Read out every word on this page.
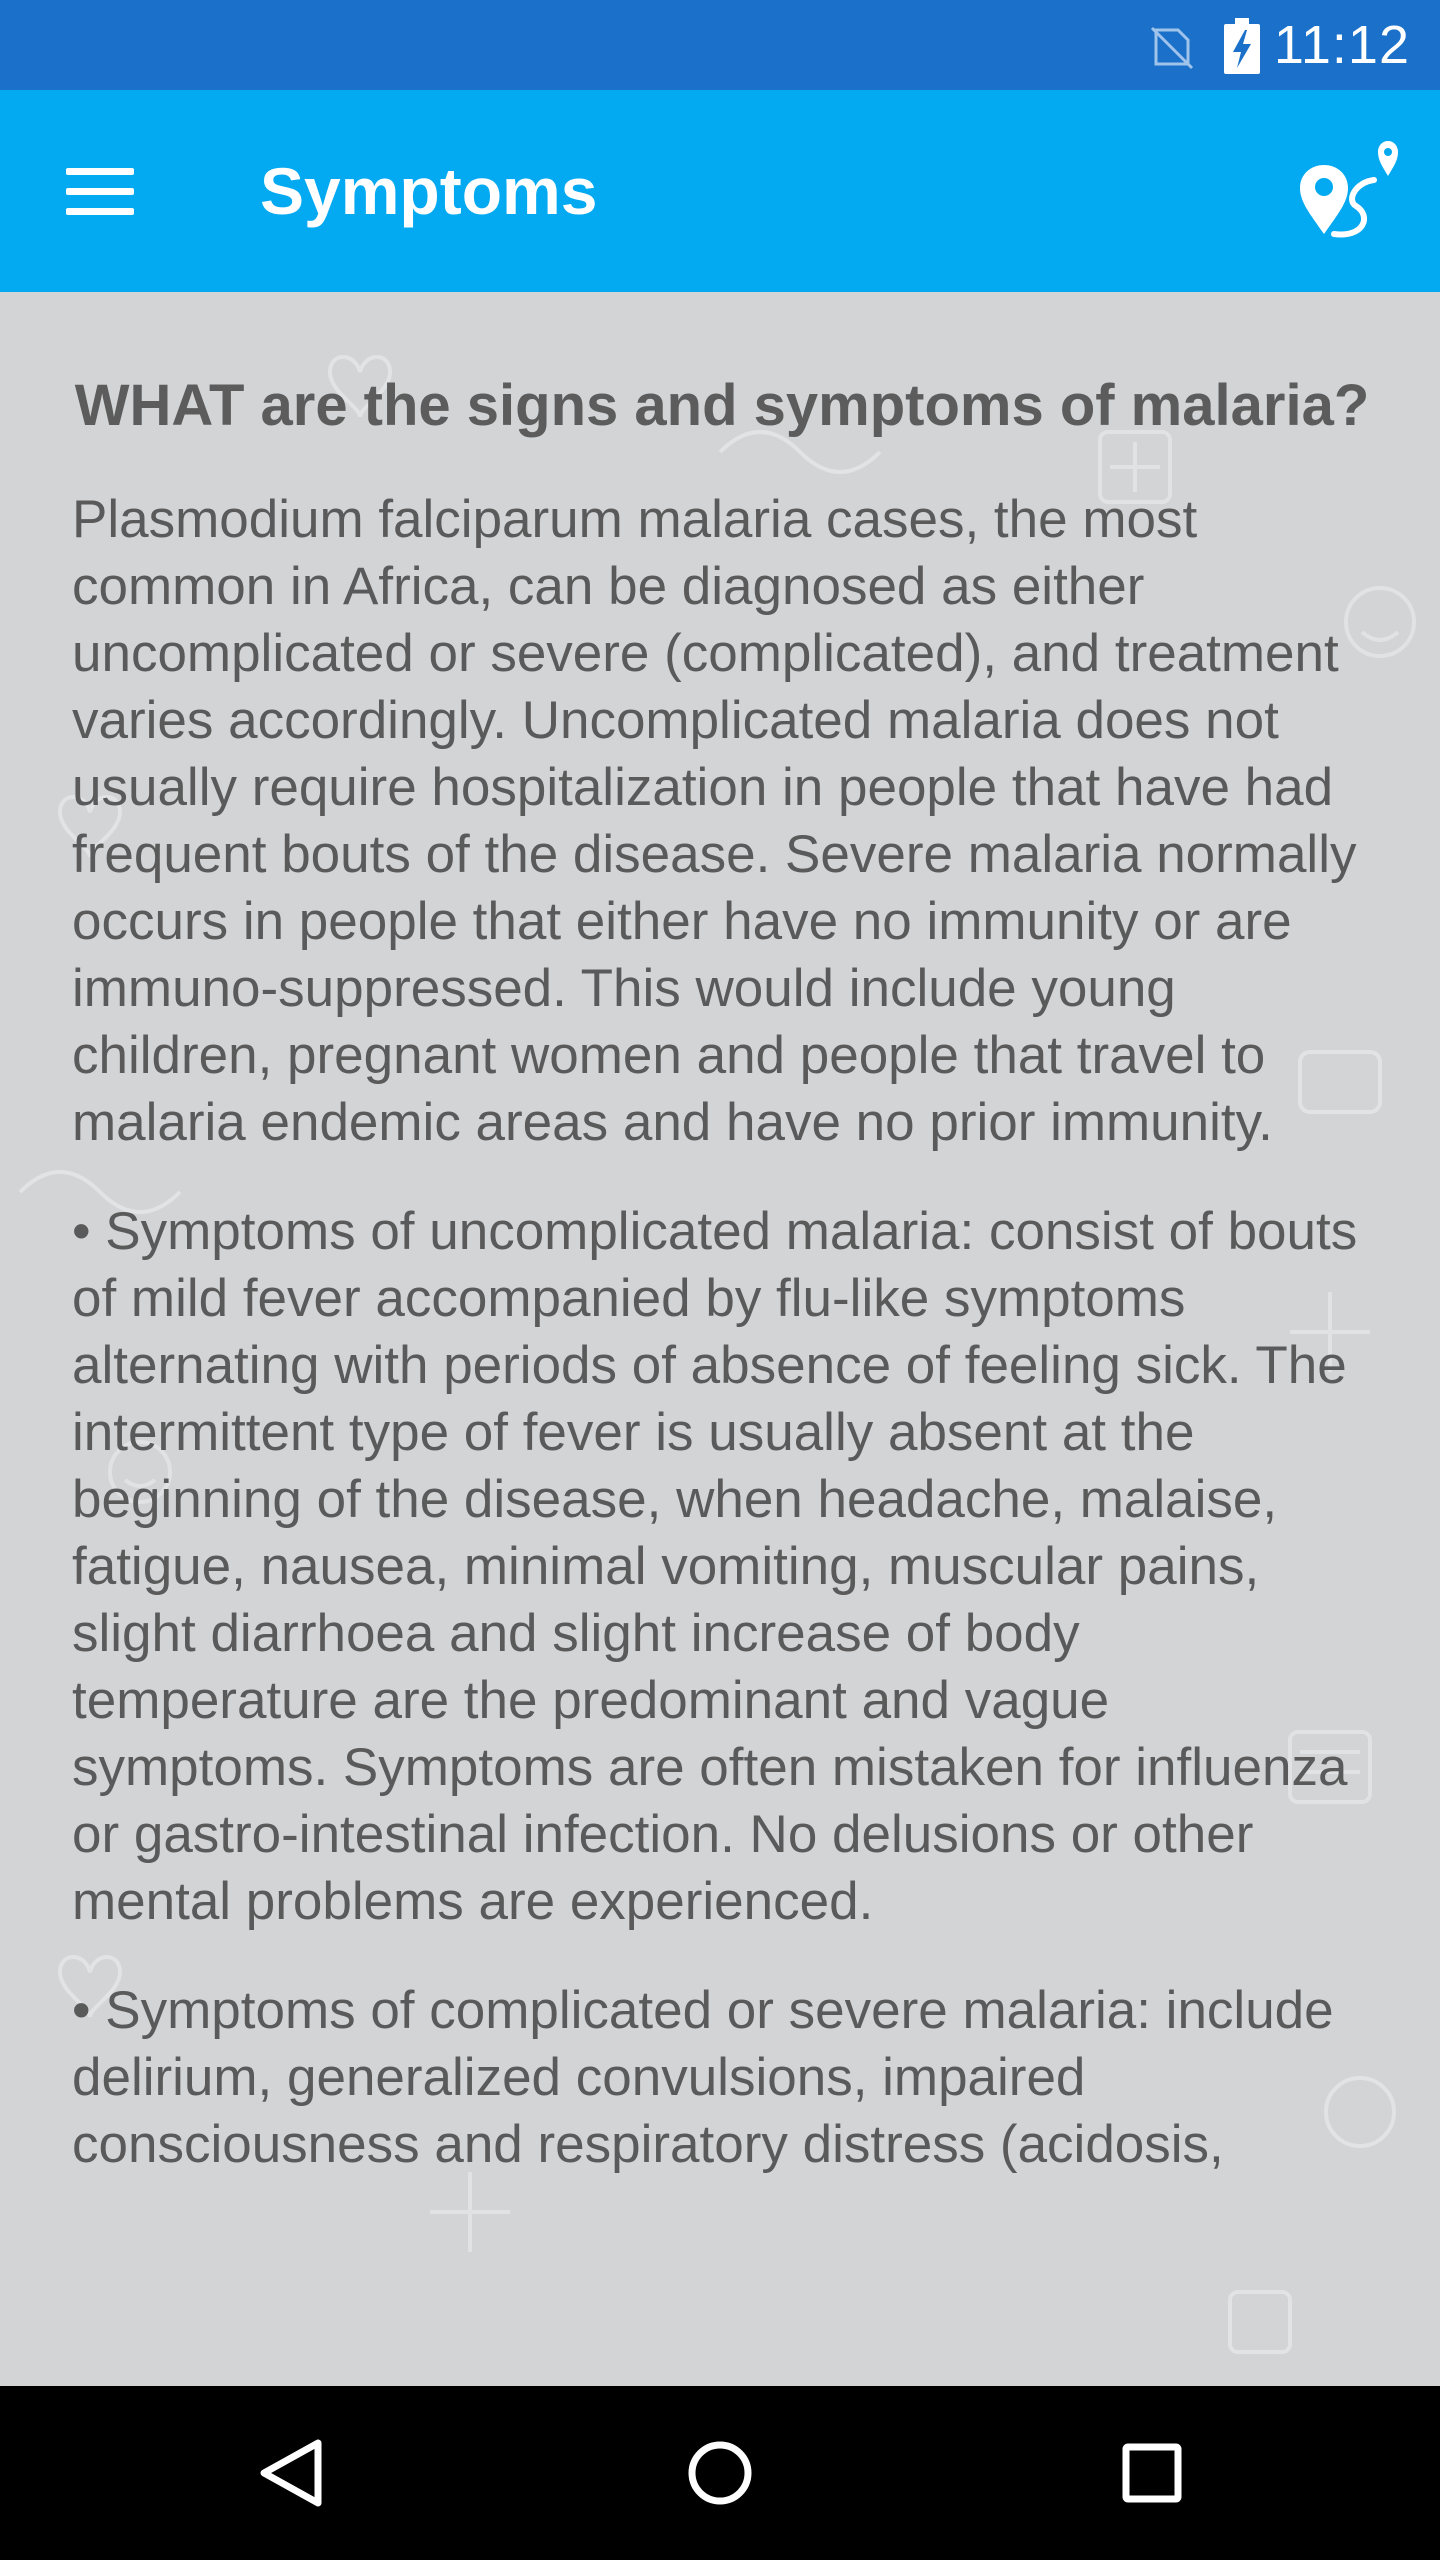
11:12
Symptoms
WHAT are the signs and symptoms of malaria?

Plasmodium falciparum malaria cases, the most common in Africa, can be diagnosed as either uncomplicated or severe (complicated), and treatment varies accordingly. Uncomplicated malaria does not usually require hospitalization in people that have had frequent bouts of the disease. Severe malaria normally occurs in people that either have no immunity or are immuno-suppressed. This would include young children, pregnant women and people that travel to malaria endemic areas and have no prior immunity.

• Symptoms of uncomplicated malaria: consist of bouts of mild fever accompanied by flu-like symptoms alternating with periods of absence of feeling sick. The intermittent type of fever is usually absent at the beginning of the disease, when headache, malaise, fatigue, nausea, minimal vomiting, muscular pains, slight diarrhoea and slight increase of body temperature are the predominant and vague symptoms. Symptoms are often mistaken for influenza or gastro-intestinal infection. No delusions or other mental problems are experienced.

• Symptoms of complicated or severe malaria: include delirium, generalized convulsions, impaired consciousness and respiratory distress (acidosis,
